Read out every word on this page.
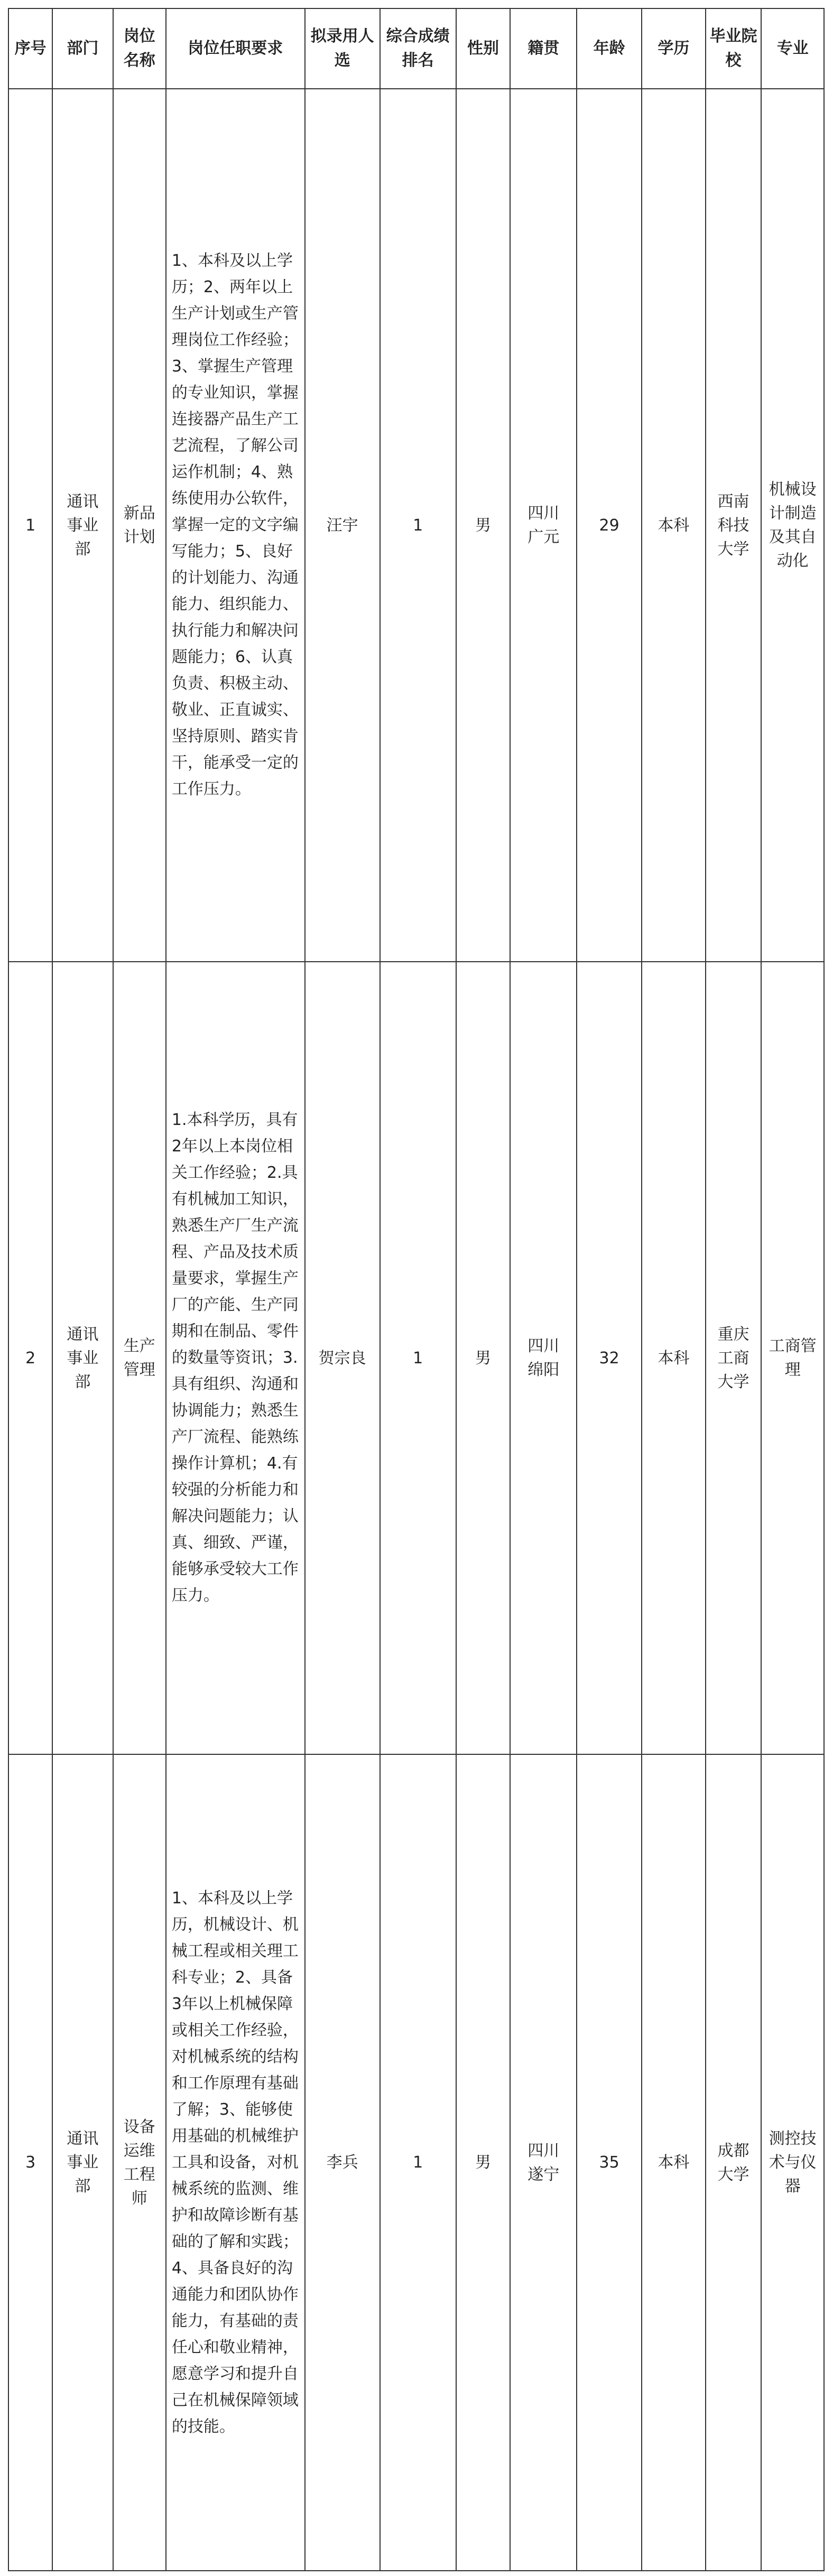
序号	部门	岗位名称	岗位任职要求	拟录用人选	综合成绩排名	性别	籍贯	年龄	学历	毕业院校	专业
1	通讯事业部	新品计划	1、本科及以上学历；2、两年以上生产计划或生产管理岗位工作经验；3、掌握生产管理的专业知识，掌握连接器产品生产工艺流程，了解公司运作机制；4、熟练使用办公软件，掌握一定的文字编写能力；5、良好的计划能力、沟通能力、组织能力、执行能力和解决问题能力；6、认真负责、积极主动、敬业、正直诚实、坚持原则、踏实肯干，能承受一定的工作压力。	汪宇	1	男	四川广元	29	本科	西南科技大学	机械设计制造及其自动化
2	通讯事业部	生产管理	1.本科学历，具有2年以上本岗位相关工作经验；2.具有机械加工知识，熟悉生产厂生产流程、产品及技术质量要求，掌握生产厂的产能、生产同期和在制品、零件的数量等资讯；3.具有组织、沟通和协调能力；熟悉生产厂流程、能熟练操作计算机；4.有较强的分析能力和解决问题能力；认真、细致、严谨，能够承受较大工作压力。	贺宗良	1	男	四川绵阳	32	本科	重庆工商大学	工商管理
3	通讯事业部	设备运维工程师	1、本科及以上学历，机械设计、机械工程或相关理工科专业；2、具备3年以上机械保障或相关工作经验，对机械系统的结构和工作原理有基础了解；3、能够使用基础的机械维护工具和设备，对机械系统的监测、维护和故障诊断有基础的了解和实践；4、具备良好的沟通能力和团队协作能力，有基础的责任心和敬业精神，愿意学习和提升自己在机械保障领域的技能。	李兵	1	男	四川遂宁	35	本科	成都大学	测控技术与仪器
